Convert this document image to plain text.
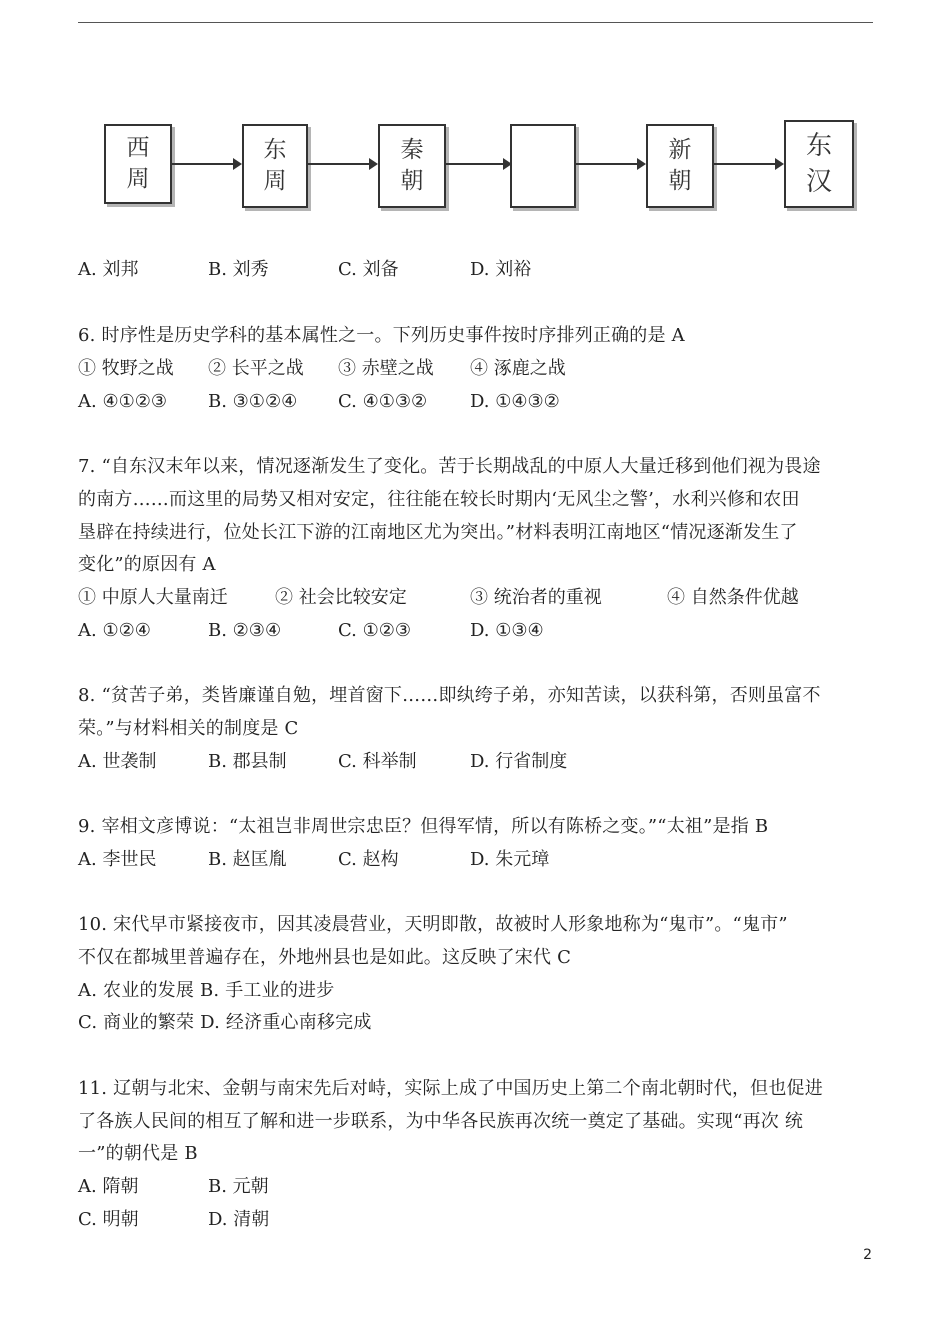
西
周
东
周
秦
朝
新
朝
东
汉
A. 刘邦	B. 刘秀	C. 刘备	D. 刘裕
6. 时序性是历史学科的基本属性之一。下列历史事件按时序排列正确的是 A
① 牧野之战 ② 长平之战 ③ 赤壁之战 ④ 涿鹿之战
A. ④①②③ B. ③①②④ C. ④①③② D. ①④③②
7. “自东汉末年以来，情况逐渐发生了变化。苦于长期战乱的中原人大量迁移到他们视为畏途
的南方……而这里的局势又相对安定，往往能在较长时期内‘无风尘之警’，水利兴修和农田
垦辟在持续进行，位处长江下游的江南地区尤为突出。”材料表明江南地区“情况逐渐发生了
变化”的原因有 A
① 中原人大量南迁	② 社会比较安定	③ 统治者的重视	④ 自然条件优越
A. ①②④	B. ②③④	C. ①②③	D. ①③④
8. “贫苦子弟，类皆廉谨自勉，埋首窗下……即纨绔子弟，亦知苦读，以获科第，否则虽富不
荣。”与材料相关的制度是 C
A. 世袭制	B. 郡县制	C. 科举制	D. 行省制度
9. 宰相文彦博说：“太祖岂非周世宗忠臣？但得军情，所以有陈桥之变。”“太祖”是指 B
A. 李世民	B. 赵匡胤	C. 赵构	D. 朱元璋
10. 宋代早市紧接夜市，因其凌晨营业，天明即散，故被时人形象地称为“鬼市”。“鬼市”
不仅在都城里普遍存在，外地州县也是如此。这反映了宋代 C
A. 农业的发展 B. 手工业的进步
C. 商业的繁荣 D. 经济重心南移完成
11. 辽朝与北宋、金朝与南宋先后对峙，实际上成了中国历史上第二个南北朝时代，但也促进
了各族人民间的相互了解和进一步联系，为中华各民族再次统一奠定了基础。实现“再次 统
一”的朝代是 B
A. 隋朝	B. 元朝
C. 明朝	D. 清朝
2
